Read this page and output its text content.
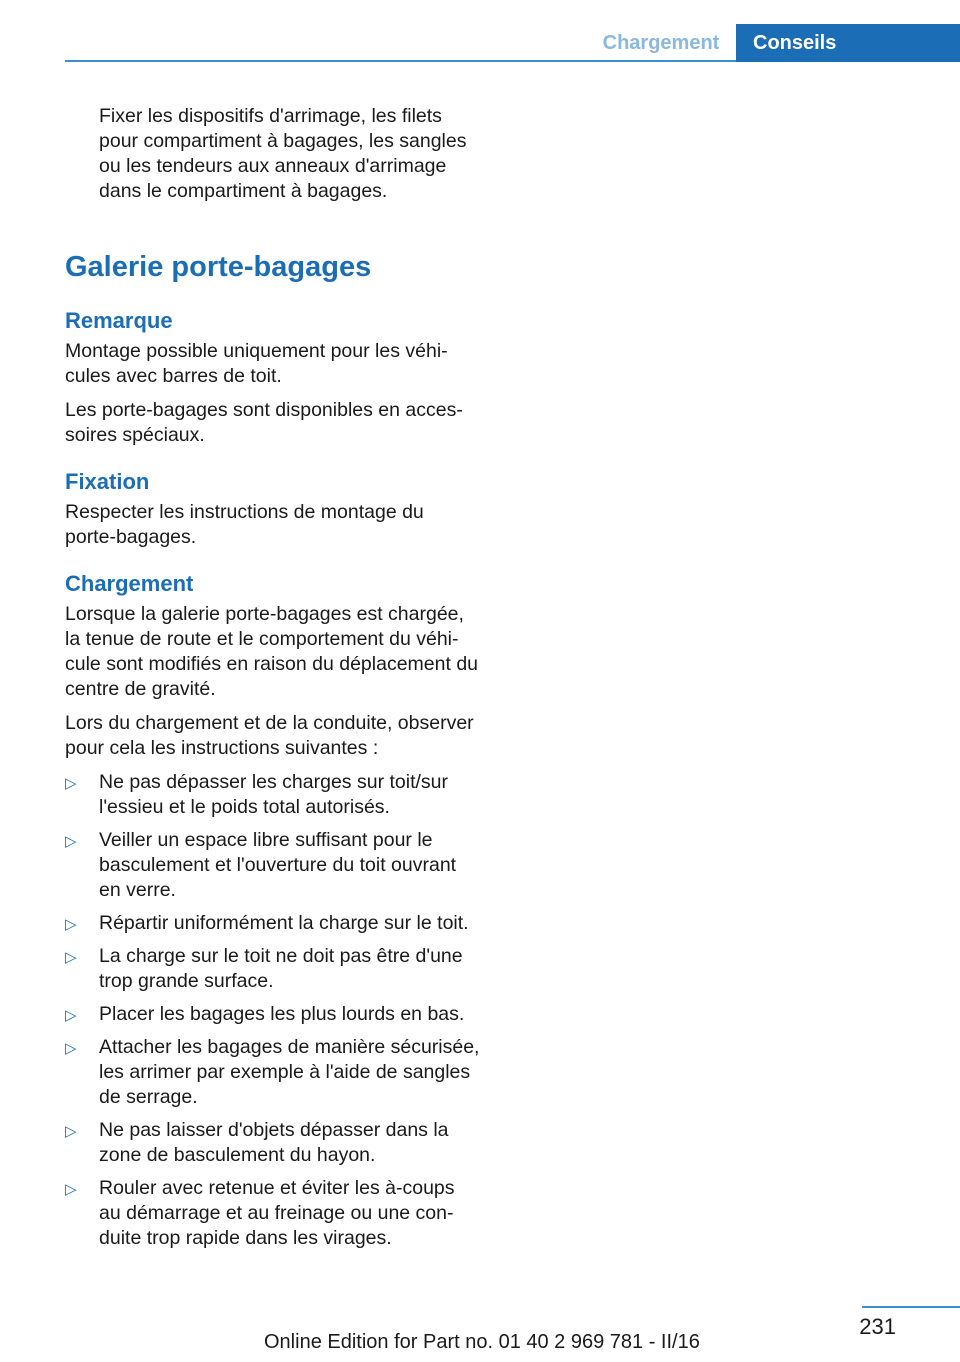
Chargement	Conseils

Fixer les dispositifs d'arrimage, les filets pour compartiment à bagages, les sangles ou les tendeurs aux anneaux d'arrimage dans le compartiment à bagages.

Galerie porte-bagages
Remarque

Montage possible uniquement pour les véhicules avec barres de toit.

Les porte-bagages sont disponibles en accessoires spéciaux.

Fixation

Respecter les instructions de montage du porte-bagages.

Chargement

Lorsque la galerie porte-bagages est chargée, la tenue de route et le comportement du véhicule sont modifiés en raison du déplacement du centre de gravité.

Lors du chargement et de la conduite, observer pour cela les instructions suivantes :

▷ Ne pas dépasser les charges sur toit/sur l'essieu et le poids total autorisés.
▷ Veiller un espace libre suffisant pour le basculement et l'ouverture du toit ouvrant en verre.
▷ Répartir uniformément la charge sur le toit.
▷ La charge sur le toit ne doit pas être d'une trop grande surface.
▷ Placer les bagages les plus lourds en bas.
▷ Attacher les bagages de manière sécurisée, les arrimer par exemple à l'aide de sangles de serrage.
▷ Ne pas laisser d'objets dépasser dans la zone de basculement du hayon.
▷ Rouler avec retenue et éviter les à-coups au démarrage et au freinage ou une conduite trop rapide dans les virages.
231
Online Edition for Part no. 01 40 2 969 781 - II/16
